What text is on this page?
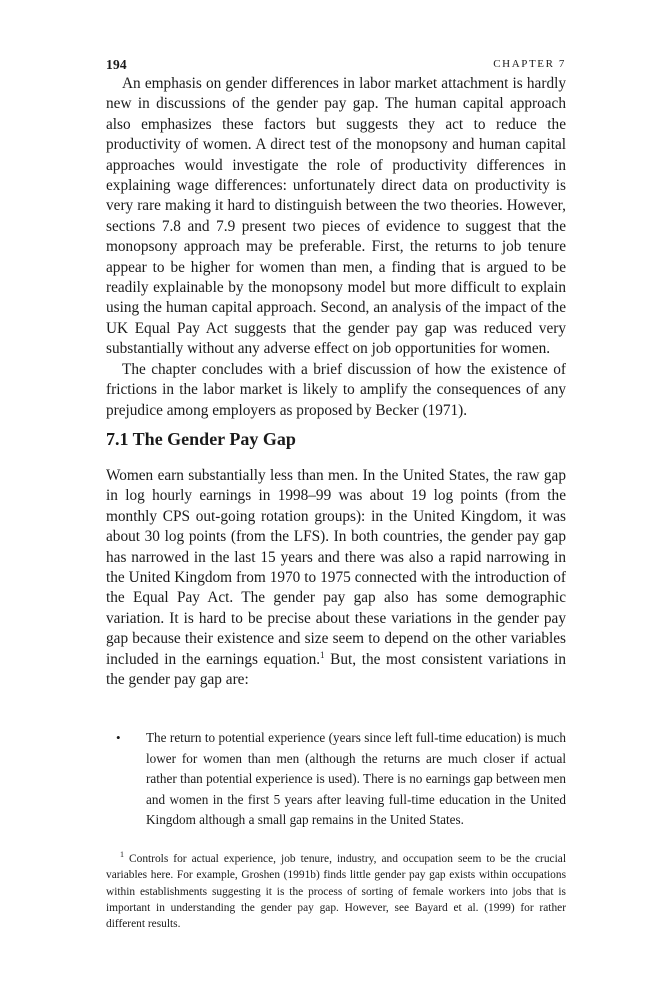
194	CHAPTER 7

An emphasis on gender differences in labor market attachment is hardly new in discussions of the gender pay gap. The human capital approach also emphasizes these factors but suggests they act to reduce the productivity of women. A direct test of the monopsony and human capital approaches would investigate the role of productivity differences in explaining wage differences: unfortunately direct data on productivity is very rare making it hard to distinguish between the two theories. However, sections 7.8 and 7.9 present two pieces of evidence to suggest that the monopsony approach may be preferable. First, the returns to job tenure appear to be higher for women than men, a finding that is argued to be readily explainable by the monopsony model but more difficult to explain using the human capital approach. Second, an analysis of the impact of the UK Equal Pay Act suggests that the gender pay gap was reduced very substantially without any adverse effect on job opportunities for women.

The chapter concludes with a brief discussion of how the existence of frictions in the labor market is likely to amplify the consequences of any prejudice among employers as proposed by Becker (1971).

7.1 The Gender Pay Gap

Women earn substantially less than men. In the United States, the raw gap in log hourly earnings in 1998–99 was about 19 log points (from the monthly CPS out-going rotation groups): in the United Kingdom, it was about 30 log points (from the LFS). In both countries, the gender pay gap has narrowed in the last 15 years and there was also a rapid narrowing in the United Kingdom from 1970 to 1975 connected with the introduction of the Equal Pay Act. The gender pay gap also has some demographic variation. It is hard to be precise about these variations in the gender pay gap because their existence and size seem to depend on the other variables included in the earnings equation.$^1$ But, the most consistent variations in the gender pay gap are:

• The return to potential experience (years since left full-time education) is much lower for women than men (although the returns are much closer if actual rather than potential experience is used). There is no earnings gap between men and women in the first 5 years after leaving full-time education in the United Kingdom although a small gap remains in the United States.

$^1$ Controls for actual experience, job tenure, industry, and occupation seem to be the crucial variables here. For example, Groshen (1991b) finds little gender pay gap exists within occupations within establishments suggesting it is the process of sorting of female workers into jobs that is important in understanding the gender pay gap. However, see Bayard et al. (1999) for rather different results.
